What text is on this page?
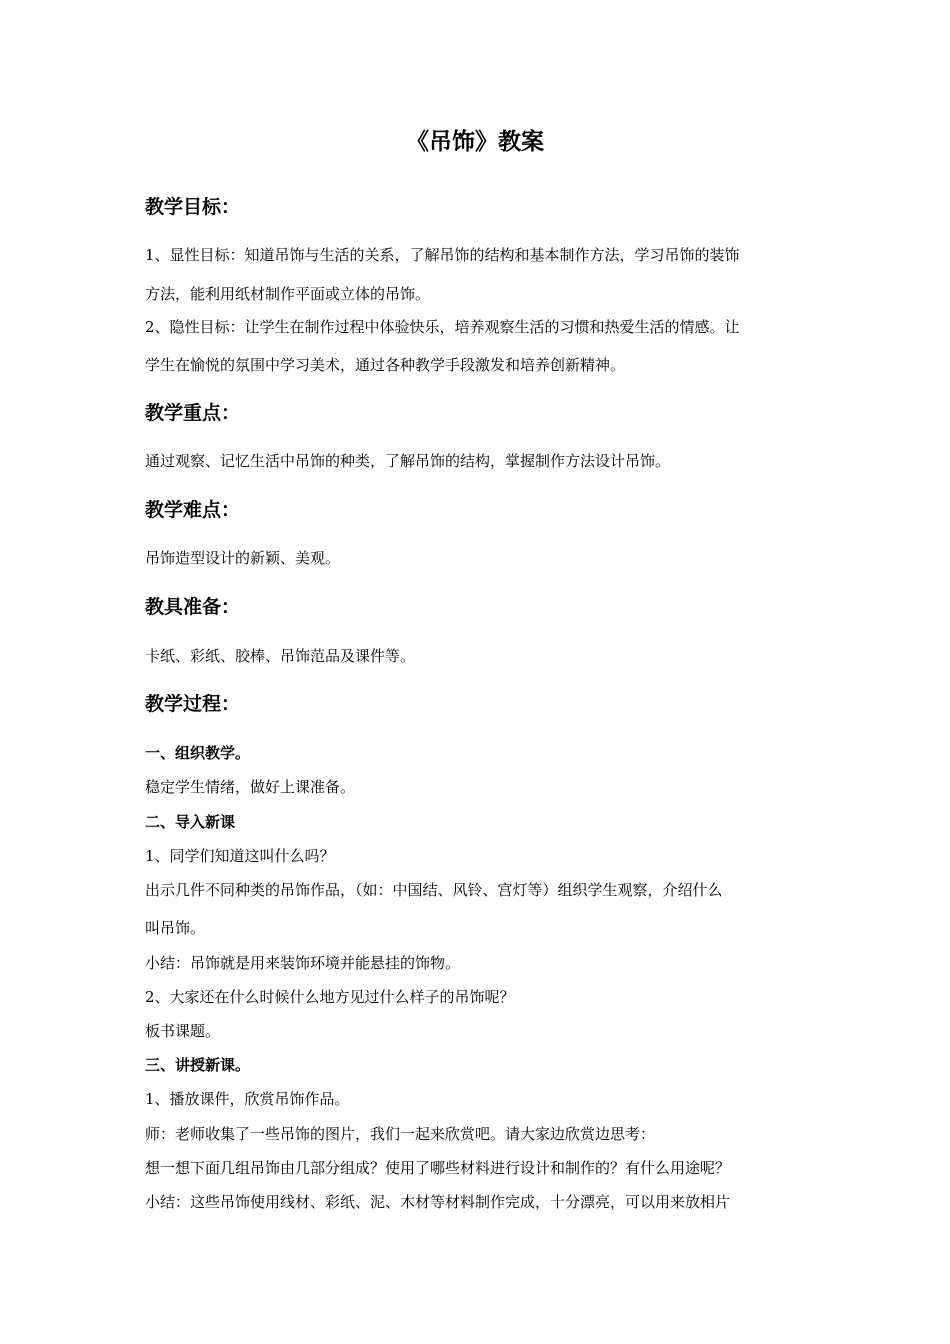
《吊饰》教案
教学目标：
1、显性目标：知道吊饰与生活的关系，了解吊饰的结构和基本制作方法，学习吊饰的装饰
方法，能利用纸材制作平面或立体的吊饰。
2、隐性目标：让学生在制作过程中体验快乐，培养观察生活的习惯和热爱生活的情感。让
学生在愉悦的氛围中学习美术，通过各种教学手段激发和培养创新精神。
教学重点：
通过观察、记忆生活中吊饰的种类，了解吊饰的结构，掌握制作方法设计吊饰。
教学难点：
吊饰造型设计的新颖、美观。
教具准备：
卡纸、彩纸、胶棒、吊饰范品及课件等。
教学过程：
一、组织教学。
稳定学生情绪，做好上课准备。
二、导入新课
1、同学们知道这叫什么吗？
出示几件不同种类的吊饰作品，（如：中国结、风铃、宫灯等）组织学生观察，介绍什么
叫吊饰。
小结：吊饰就是用来装饰环境并能悬挂的饰物。
2、大家还在什么时候什么地方见过什么样子的吊饰呢？
板书课题。
三、讲授新课。
1、播放课件，欣赏吊饰作品。
师：老师收集了一些吊饰的图片，我们一起来欣赏吧。请大家边欣赏边思考：
想一想下面几组吊饰由几部分组成？使用了哪些材料进行设计和制作的？有什么用途呢？
小结：这些吊饰使用线材、彩纸、泥、木材等材料制作完成，十分漂亮，可以用来放相片
